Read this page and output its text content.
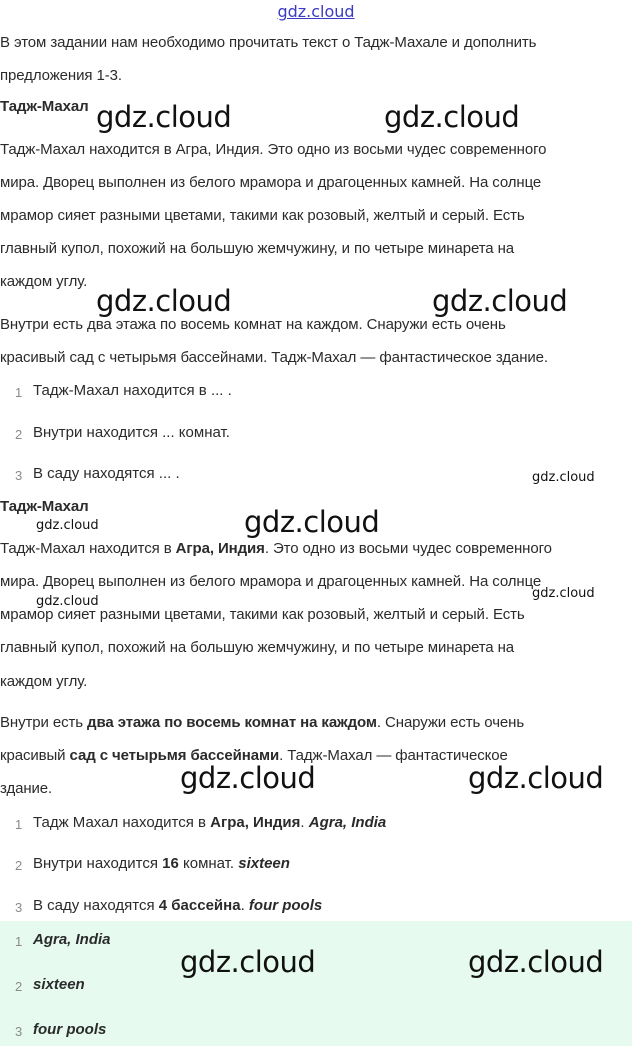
gdz.cloud
В этом задании нам необходимо прочитать текст о Тадж-Махале и дополнить
предложения 1-3.
Тадж-Махал
Тадж-Махал находится в Агра, Индия. Это одно из восьми чудес современного
мира. Дворец выполнен из белого мрамора и драгоценных камней. На солнце
мрамор сияет разными цветами, такими как розовый, желтый и серый. Есть
главный купол, похожий на большую жемчужину, и по четыре минарета на
каждом углу.
Внутри есть два этажа по восемь комнат на каждом. Снаружи есть очень
красивый сад с четырьмя бассейнами. Тадж-Махал — фантастическое здание.
1 Тадж-Махал находится в ... .
2 Внутри находится ... комнат.
3 В саду находятся ... .
Тадж-Махал
Тадж-Махал находится в Агра, Индия. Это одно из восьми чудес современного
мира. Дворец выполнен из белого мрамора и драгоценных камней. На солнце
мрамор сияет разными цветами, такими как розовый, желтый и серый. Есть
главный купол, похожий на большую жемчужину, и по четыре минарета на
каждом углу.
Внутри есть два этажа по восемь комнат на каждом. Снаружи есть очень
красивый сад с четырьмя бассейнами. Тадж-Махал — фантастическое
здание.
1 Тадж Махал находится в Агра, Индия. Agra, India
2 Внутри находится 16 комнат. sixteen
3 В саду находятся 4 бассейна. four pools
1 Agra, India
2 sixteen
3 four pools
gdz.cloud	gdz.cloud
gdz.cloud	gdz.cloud
gdz.cloud
gdz.cloud	gdz.cloud
gdz.cloud
gdz.cloud
gdz.cloud	gdz.cloud
gdz.cloud	gdz.cloud
